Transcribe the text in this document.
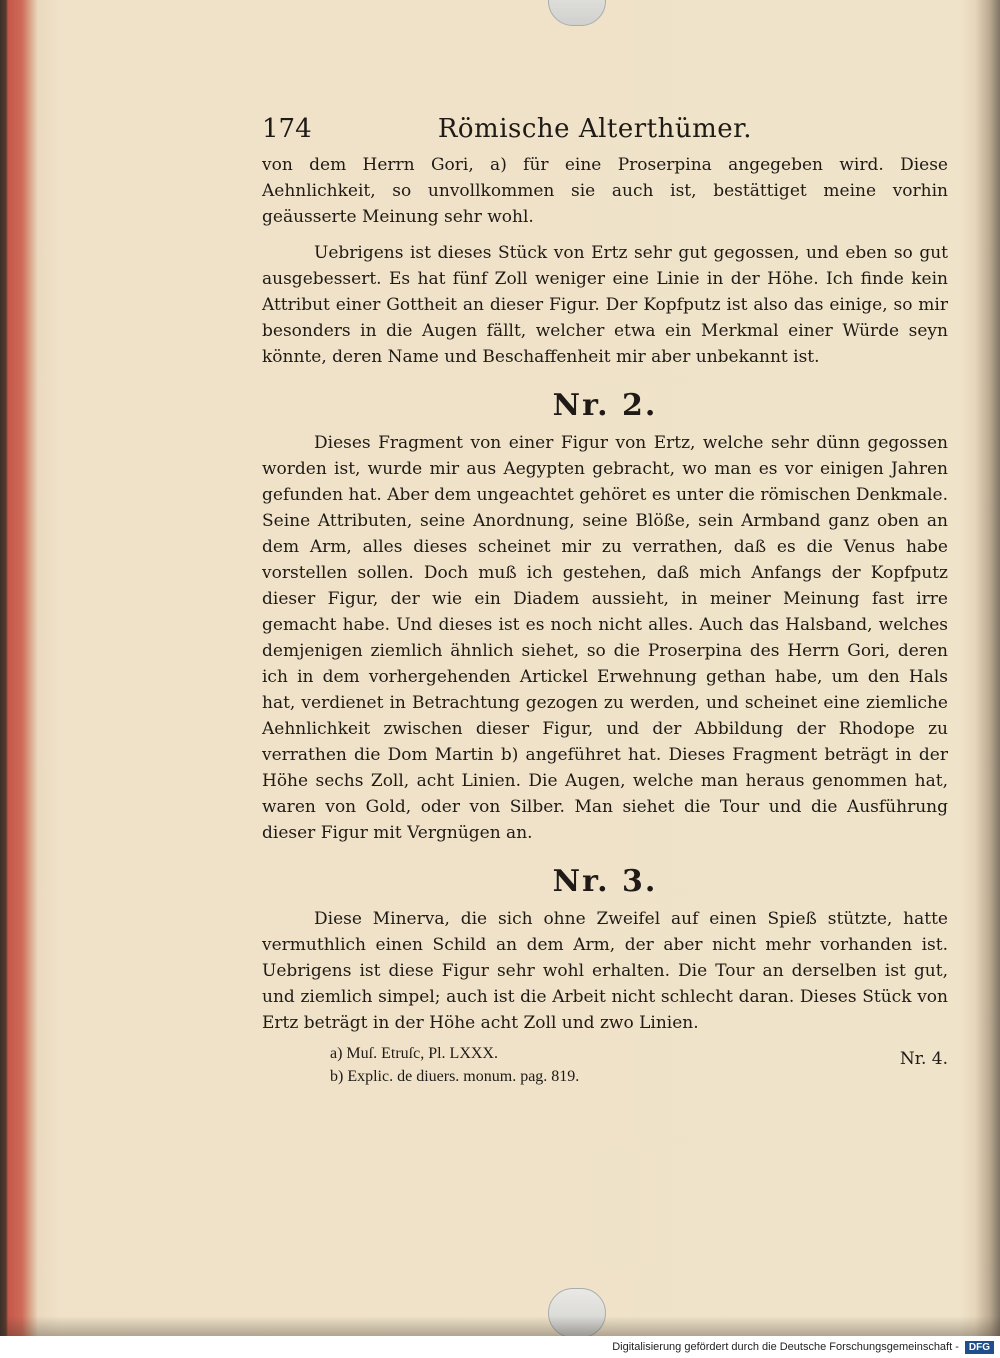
174	Römische Alterthümer.

von dem Herrn Gori, a) für eine Proserpina angegeben wird. Diese Aehnlichkeit, so unvollkommen sie auch ist, bestättiget meine vorhin geäusserte Meinung sehr wohl.

Uebrigens ist dieses Stück von Ertz sehr gut gegossen, und eben so gut ausgebessert. Es hat fünf Zoll weniger eine Linie in der Höhe. Ich finde kein Attribut einer Gottheit an dieser Figur. Der Kopfputz ist also das einige, so mir besonders in die Augen fällt, welcher etwa ein Merkmal einer Würde seyn könnte, deren Name und Beschaffenheit mir aber unbekannt ist.

Nr. 2.

Dieses Fragment von einer Figur von Ertz, welche sehr dünn gegossen worden ist, wurde mir aus Aegypten gebracht, wo man es vor einigen Jahren gefunden hat. Aber dem ungeachtet gehöret es unter die römischen Denkmale. Seine Attributen, seine Anordnung, seine Blöße, sein Armband ganz oben an dem Arm, alles dieses scheinet mir zu verrathen, daß es die Venus habe vorstellen sollen. Doch muß ich gestehen, daß mich Anfangs der Kopfputz dieser Figur, der wie ein Diadem aussieht, in meiner Meinung fast irre gemacht habe. Und dieses ist es noch nicht alles. Auch das Halsband, welches demjenigen ziemlich ähnlich siehet, so die Proserpina des Herrn Gori, deren ich in dem vorhergehenden Artickel Erwehnung gethan habe, um den Hals hat, verdienet in Betrachtung gezogen zu werden, und scheinet eine ziemliche Aehnlichkeit zwischen dieser Figur, und der Abbildung der Rhodope zu verrathen die Dom Martin b) angeführet hat. Dieses Fragment beträgt in der Höhe sechs Zoll, acht Linien. Die Augen, welche man heraus genommen hat, waren von Gold, oder von Silber. Man siehet die Tour und die Ausführung dieser Figur mit Vergnügen an.

Nr. 3.

Diese Minerva, die sich ohne Zweifel auf einen Spieß stützte, hatte vermuthlich einen Schild an dem Arm, der aber nicht mehr vorhanden ist. Uebrigens ist diese Figur sehr wohl erhalten. Die Tour an derselben ist gut, und ziemlich simpel; auch ist die Arbeit nicht schlecht daran. Dieses Stück von Ertz beträgt in der Höhe acht Zoll und zwo Linien.

Nr. 4.

a) Muſ. Etruſc, Pl. LXXX.

b) Explic. de diuers. monum. pag. 819.

Digitalisierung gefördert durch die Deutsche Forschungsgemeinschaft -	DFG
